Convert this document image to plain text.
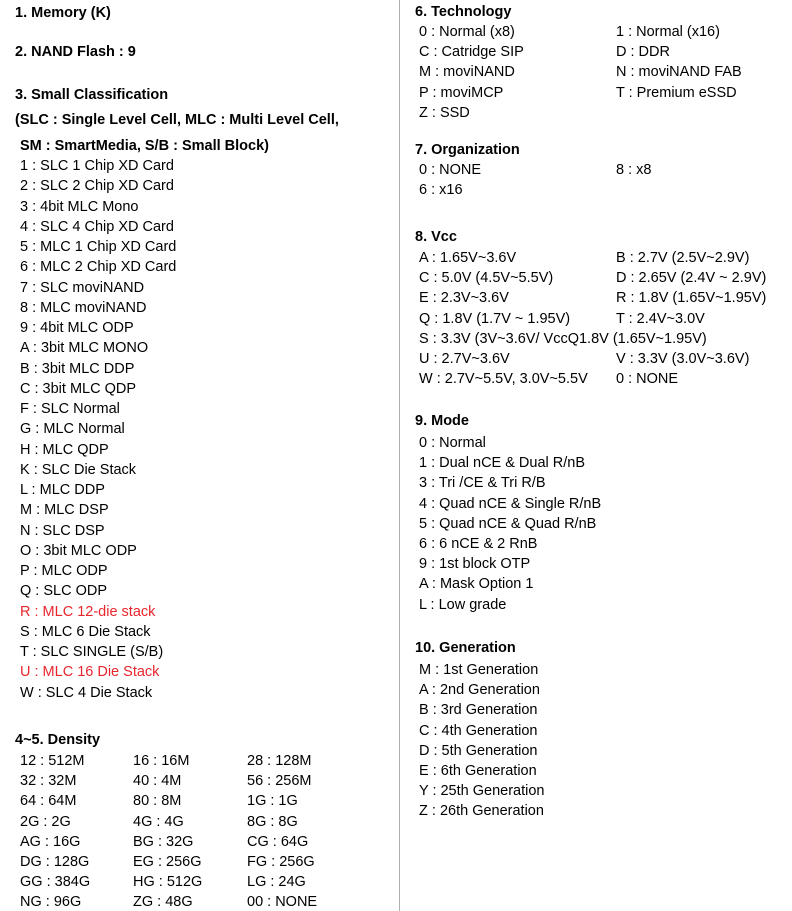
1. Memory (K)
2. NAND Flash : 9
3. Small Classification
(SLC : Single Level Cell, MLC : Multi Level Cell,
SM : SmartMedia, S/B : Small Block)
1 : SLC 1 Chip XD Card
2 : SLC 2 Chip XD Card
3 : 4bit MLC Mono
4 : SLC 4 Chip XD Card
5 : MLC 1 Chip XD Card
6 : MLC 2 Chip XD Card
7 : SLC moviNAND
8 : MLC moviNAND
9 : 4bit MLC ODP
A : 3bit MLC MONO
B : 3bit MLC DDP
C : 3bit MLC QDP
F : SLC Normal
G : MLC Normal
H : MLC QDP
K : SLC Die Stack
L : MLC DDP
M : MLC DSP
N : SLC DSP
O : 3bit MLC ODP
P : MLC ODP
Q : SLC ODP
R : MLC 12-die stack
S : MLC 6 Die Stack
T : SLC SINGLE (S/B)
U : MLC 16 Die Stack
W : SLC 4 Die Stack
4~5. Density
12 : 512M	16 : 16M	28 : 128M
32 : 32M	40 : 4M	56 : 256M
64 : 64M	80 : 8M	1G : 1G
2G : 2G	4G : 4G	8G : 8G
AG : 16G	BG : 32G	CG : 64G
DG : 128G	EG : 256G	FG : 256G
GG : 384G	HG : 512G	LG : 24G
NG : 96G	ZG : 48G	00 : NONE
6. Technology
0 : Normal (x8)	1 : Normal (x16)
C : Catridge SIP	D : DDR
M : moviNAND	N : moviNAND FAB
P : moviMCP	T : Premium eSSD
Z : SSD
7. Organization
0 : NONE	8 : x8
6 : x16
8. Vcc
A : 1.65V~3.6V	B : 2.7V (2.5V~2.9V)
C : 5.0V (4.5V~5.5V)	D : 2.65V (2.4V ~ 2.9V)
E : 2.3V~3.6V	R : 1.8V (1.65V~1.95V)
Q : 1.8V (1.7V ~ 1.95V)	T : 2.4V~3.0V
S : 3.3V (3V~3.6V/ VccQ1.8V (1.65V~1.95V)
U : 2.7V~3.6V	V : 3.3V (3.0V~3.6V)
W : 2.7V~5.5V, 3.0V~5.5V 0 : NONE
9. Mode
0 : Normal
1 : Dual nCE & Dual R/nB
3 : Tri /CE & Tri R/B
4 : Quad nCE & Single R/nB
5 : Quad nCE & Quad R/nB
6 : 6 nCE & 2 RnB
9 : 1st block OTP
A : Mask Option 1
L : Low grade
10. Generation
M : 1st Generation
A : 2nd Generation
B : 3rd Generation
C : 4th Generation
D : 5th Generation
E : 6th Generation
Y : 25th Generation
Z : 26th Generation
